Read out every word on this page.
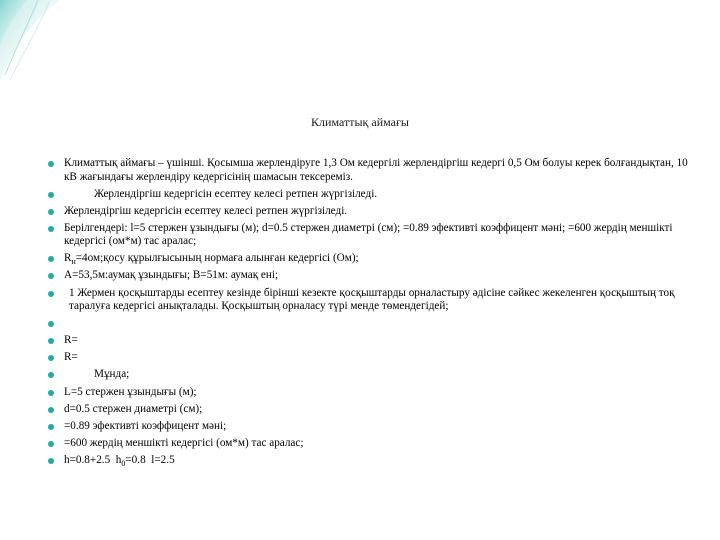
Климаттық аймағы
Климаттық аймағы – үшінші. Қосымша жерлендіруге 1,3 Ом кедергілі жерлендіргіш кедергі 0,5 Ом болуы керек болғандықтан, 10 кВ жағындағы жерлендіру кедергісінің шамасын тексереміз.
Жерлендіргіш кедергісін есептеу келесі ретпен жүргізіледі.
Жерлендіргіш кедергісін есептеу келесі ретпен жүргізіледі.
Берілгендері: l=5 стержен ұзындығы (м); d=0.5 стержен диаметрі (см); =0.89 эфективті коэффицент мәні; =600 жердің меншікті кедергісі (ом*м) тас аралас;
$R_н=4ом;қосу$ құрылғысының нормаға алынған кедергісі (Ом);
А=53,5м:аумақ ұзындығы; В=51м: аумақ ені;
1 Жермен қосқыштарды есептеу кезінде бірінші кезекте қосқыштарды орналастыру әдісіне сәйкес жекеленген қосқыштың тоқ таралуға кедергісі анықталады. Қосқыштың орналасу түрі менде төмендегідей;
R=
R=
Мұнда;
L=5 стержен ұзындығы (м);
d=0.5 стержен диаметрі (см);
=0.89 эфективті коэффицент мәні;
=600 жердің меншікті кедергісі (ом*м) тас аралас;
h=0.8+2.5 $h_0=0.8$ l=2.5
